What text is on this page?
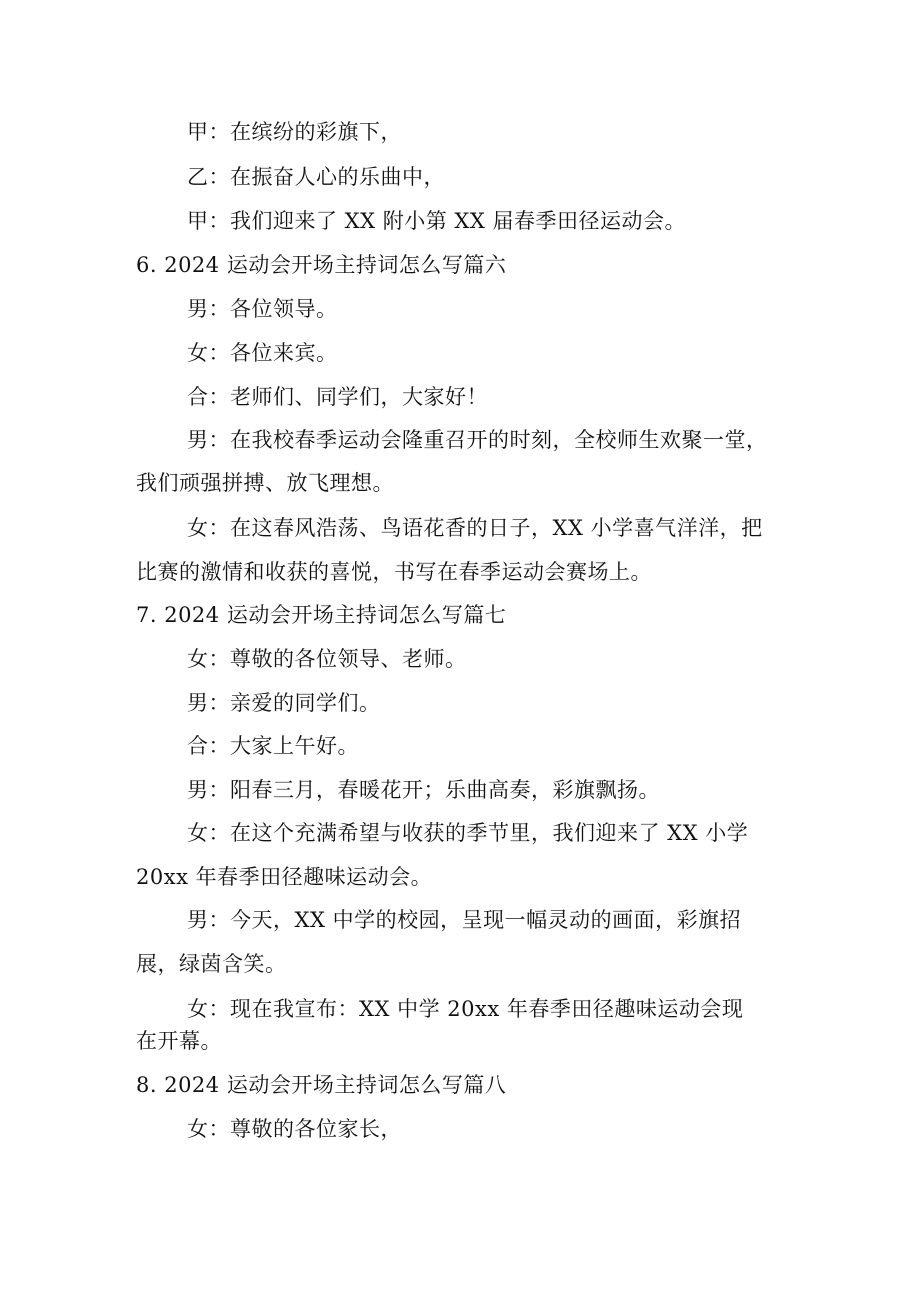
甲：在缤纷的彩旗下，
乙：在振奋人心的乐曲中，
甲：我们迎来了 XX 附小第 XX 届春季田径运动会。
6. 2024 运动会开场主持词怎么写篇六
男：各位领导。
女：各位来宾。
合：老师们、同学们，大家好！
男：在我校春季运动会隆重召开的时刻，全校师生欢聚一堂，
我们顽强拼搏、放飞理想。
女：在这春风浩荡、鸟语花香的日子，XX 小学喜气洋洋，把
比赛的激情和收获的喜悦，书写在春季运动会赛场上。
7. 2024 运动会开场主持词怎么写篇七
女：尊敬的各位领导、老师。
男：亲爱的同学们。
合：大家上午好。
男：阳春三月，春暖花开；乐曲高奏，彩旗飘扬。
女：在这个充满希望与收获的季节里，我们迎来了 XX 小学
20xx 年春季田径趣味运动会。
男：今天，XX 中学的校园，呈现一幅灵动的画面，彩旗招
展，绿茵含笑。
女：现在我宣布：XX 中学 20xx 年春季田径趣味运动会现
在开幕。
8. 2024 运动会开场主持词怎么写篇八
女：尊敬的各位家长，
